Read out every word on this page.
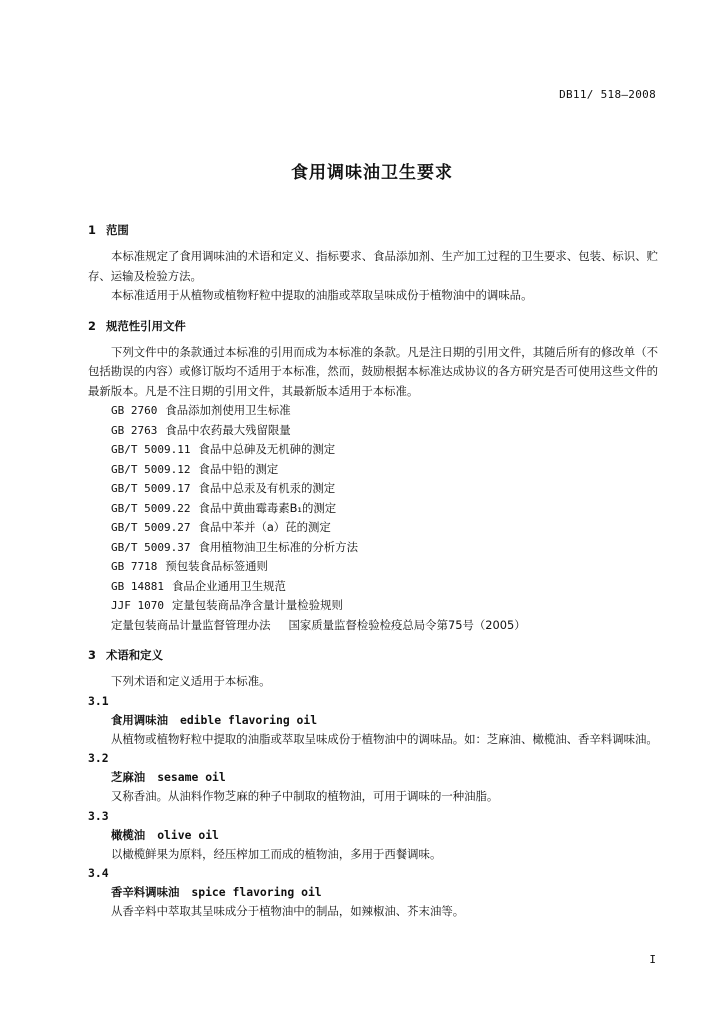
DB11/ 518—2008
食用调味油卫生要求
1 范围

本标准规定了食用调味油的术语和定义、指标要求、食品添加剂、生产加工过程的卫生要求、包装、标识、贮存、运输及检验方法。

本标准适用于从植物或植物籽粒中提取的油脂或萃取呈味成份于植物油中的调味品。

2 规范性引用文件

下列文件中的条款通过本标准的引用而成为本标准的条款。凡是注日期的引用文件，其随后所有的修改单（不包括勘误的内容）或修订版均不适用于本标准，然而，鼓励根据本标准达成协议的各方研究是否可使用这些文件的最新版本。凡是不注日期的引用文件，其最新版本适用于本标准。

GB 2760 食品添加剂使用卫生标准
GB 2763 食品中农药最大残留限量
GB/T 5009.11 食品中总砷及无机砷的测定
GB/T 5009.12 食品中铅的测定
GB/T 5009.17 食品中总汞及有机汞的测定
GB/T 5009.22 食品中黄曲霉毒素B₁的测定
GB/T 5009.27 食品中苯并（a）芘的测定
GB/T 5009.37 食用植物油卫生标准的分析方法
GB 7718 预包装食品标签通则
GB 14881 食品企业通用卫生规范
JJF 1070 定量包装商品净含量计量检验规则
定量包装商品计量监督管理办法 国家质量监督检验检疫总局令第75号（2005）
3 术语和定义

下列术语和定义适用于本标准。

3.1
食用调味油 edible flavoring oil

从植物或植物籽粒中提取的油脂或萃取呈味成份于植物油中的调味品。如：芝麻油、橄榄油、香辛料调味油。

3.2
芝麻油 sesame oil

又称香油。从油料作物芝麻的种子中制取的植物油，可用于调味的一种油脂。

3.3
橄榄油 olive oil

以橄榄鲜果为原料，经压榨加工而成的植物油，多用于西餐调味。

3.4
香辛料调味油 spice flavoring oil

从香辛料中萃取其呈味成分于植物油中的制品，如辣椒油、芥末油等。

I
